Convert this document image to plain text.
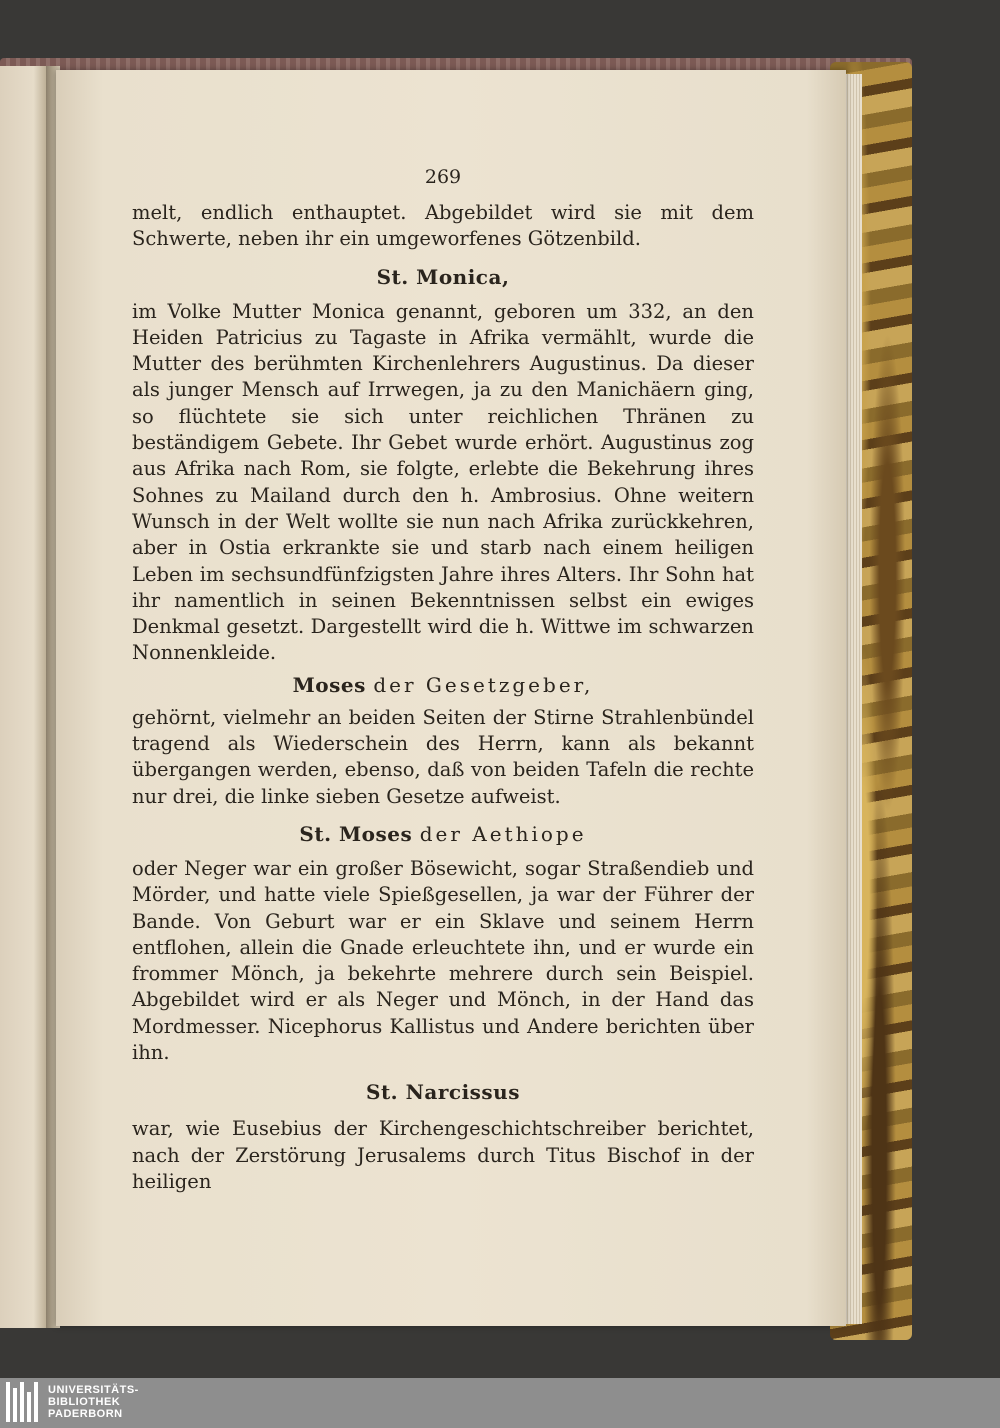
269

melt, endlich enthauptet. Abgebildet wird sie mit dem Schwerte, neben ihr ein umgeworfenes Götzenbild.

St. Monica,

im Volke Mutter Monica genannt, geboren um 332, an den Heiden Patricius zu Tagaste in Afrika vermählt, wurde die Mutter des berühmten Kirchenlehrers Augustinus. Da dieser als junger Mensch auf Irrwegen, ja zu den Manichäern ging, so flüchtete sie sich unter reichlichen Thränen zu beständigem Gebete. Ihr Gebet wurde erhört. Augustinus zog aus Afrika nach Rom, sie folgte, erlebte die Bekehrung ihres Sohnes zu Mailand durch den h. Ambrosius. Ohne weitern Wunsch in der Welt wollte sie nun nach Afrika zurückkehren, aber in Ostia erkrankte sie und starb nach einem heiligen Leben im sechsundfünfzigsten Jahre ihres Alters. Ihr Sohn hat ihr namentlich in seinen Bekenntnissen selbst ein ewiges Denkmal gesetzt. Dargestellt wird die h. Wittwe im schwarzen Nonnenkleide.

Moses der Gesetzgeber,

gehörnt, vielmehr an beiden Seiten der Stirne Strahlenbündel tragend als Wiederschein des Herrn, kann als bekannt übergangen werden, ebenso, daß von beiden Tafeln die rechte nur drei, die linke sieben Gesetze aufweist.

St. Moses der Aethiope

oder Neger war ein großer Bösewicht, sogar Straßendieb und Mörder, und hatte viele Spießgesellen, ja war der Führer der Bande. Von Geburt war er ein Sklave und seinem Herrn entflohen, allein die Gnade erleuchtete ihn, und er wurde ein frommer Mönch, ja bekehrte mehrere durch sein Beispiel. Abgebildet wird er als Neger und Mönch, in der Hand das Mordmesser. Nicephorus Kallistus und Andere berichten über ihn.

St. Narcissus

war, wie Eusebius der Kirchengeschichtschreiber berichtet, nach der Zerstörung Jerusalems durch Titus Bischof in der heiligen

UNIVERSITÄTS-
BIBLIOTHEK
PADERBORN
